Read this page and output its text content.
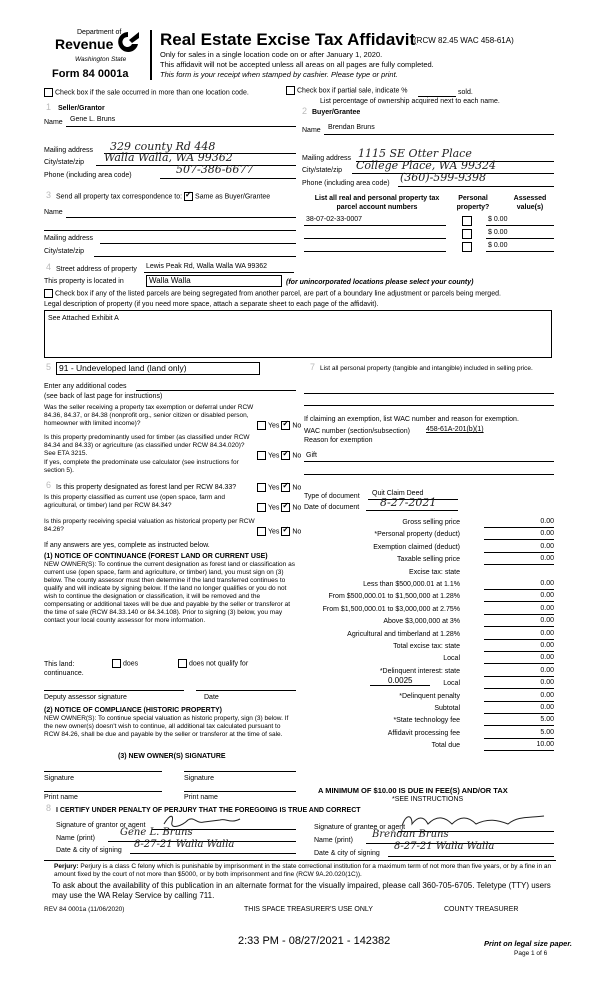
Department of
Revenue
Washington State
Form 84 0001a
Real Estate Excise Tax Affidavit
(RCW 82.45 WAC 458-61A)
Only for sales in a single location code on or after January 1, 2020.
This affidavit will not be accepted unless all areas on all pages are fully completed.
This form is your receipt when stamped by cashier. Please type or print.
Check box if the sale occurred in more than one location code.	Check box if partial sale, indicate %	sold.
List percentage of ownership acquired next to each name.
1 Seller/Grantor
Name Gene L. Bruns
Mailing address 329 county Rd 448
City/state/zip Walla Walla, WA 99362
Phone (including area code)	507-386-6677
2 Buyer/Grantee
Name Brendan Bruns
Mailing address 1115 SE Otter Place
City/state/zip College Place, WA 99324
Phone (including area code) (360)-599-9398
3 Send all property tax correspondence to: ✓ Same as Buyer/Grantee
Name
Mailing address
City/state/zip
List all real and personal property tax parcel account numbers
Personal property?
Assessed value(s)
38-07-02-33-0007	$ 0.00
$ 0.00
$ 0.00
4 Street address of property Lewis Peak Rd, Walla Walla WA 99362
This property is located in	Walla Walla	(for unincorporated locations please select your county)
Check box if any of the listed parcels are being segregated from another parcel, are part of a boundary line adjustment or parcels being merged.
Legal description of property (if you need more space, attach a separate sheet to each page of the affidavit).
See Attached Exhibit A
5 91 - Undeveloped land (land only)
Enter any additional codes
(see back of last page for instructions)
Was the seller receiving a property tax exemption or deferral under RCW 84.36, 84.37, or 84.38 (nonprofit org., senior citizen or disabled person, homeowner with limited income)?	Yes ✓ No
Is this property predominantly used for timber (as classified under RCW 84.34 and 84.33) or agriculture (as classified under RCW 84.34.020)? See ETA 3215.	Yes ✓ No
If yes, complete the predominate use calculator (see instructions for section 5).
6 Is this property designated as forest land per RCW 84.33?	Yes ✓ No
Is this property classified as current use (open space, farm and agricultural, or timber) land per RCW 84.34?	Yes ✓ No
Is this property receiving special valuation as historical property per RCW 84.26?	Yes ✓ No
If any answers are yes, complete as instructed below.
(1) NOTICE OF CONTINUANCE (FOREST LAND OR CURRENT USE)
NEW OWNER(S): To continue the current designation as forest land or classification as current use (open space, farm and agriculture, or timber) land, you must sign on (3) below. The county assessor must then determine if the land transferred continues to qualify and will indicate by signing below. If the land no longer qualifies or you do not wish to continue the designation or classification, it will be removed and the compensating or additional taxes will be due and payable by the seller or transferor at the time of sale (RCW 84.33.140 or 84.34.108). Prior to signing (3) below, you may contact your local county assessor for more information.
This land:	does	does not qualify for
continuance.
Deputy assessor signature	Date
(2) NOTICE OF COMPLIANCE (HISTORIC PROPERTY)
NEW OWNER(S): To continue special valuation as historic property, sign (3) below. If the new owner(s) doesn't wish to continue, all additional tax calculated pursuant to RCW 84.26, shall be due and payable by the seller or transferor at the time of sale.
(3) NEW OWNER(S) SIGNATURE
Signature	Signature
Print name	Print name
7 List all personal property (tangible and intangible) included in selling price.
If claiming an exemption, list WAC number and reason for exemption.
WAC number (section/subsection) 458-61A-201(b)(1)
Reason for exemption
Gift
Type of document Quit Claim Deed
Date of document 8-27-2021
Gross selling price	0.00
*Personal property (deduct)	0.00
Exemption claimed (deduct)	0.00
Taxable selling price	0.00
Excise tax: state
Less than $500,000.01 at 1.1%	0.00
From $500,000.01 to $1,500,000 at 1.28%	0.00
From $1,500,000.01 to $3,000,000 at 2.75%	0.00
Above $3,000,000 at 3%	0.00
Agricultural and timberland at 1.28%	0.00
Total excise tax: state	0.00
Local	0.00
*Delinquent interest: state	0.00
Local	0.00
*Delinquent penalty	0.00
Subtotal	0.00
*State technology fee	5.00
Affidavit processing fee	5.00
Total due	10.00
0.0025
A MINIMUM OF $10.00 IS DUE IN FEE(S) AND/OR TAX
*SEE INSTRUCTIONS
8 I CERTIFY UNDER PENALTY OF PERJURY THAT THE FOREGOING IS TRUE AND CORRECT
Signature of grantor or agent
Name (print)
Gene L. Bruns
Date & city of signing
8-27-21 Walla Walla
Signature of grantee or agent
Name (print)
Brendan Bruns
Date & city of signing
8-27-21 Walla Walla
Perjury: Perjury is a class C felony which is punishable by imprisonment in the state correctional institution for a maximum term of not more than five years, or by a fine in an amount fixed by the court of not more than $5000, or by both imprisonment and fine (RCW 9A.20.020(1C)).
To ask about the availability of this publication in an alternate format for the visually impaired, please call 360-705-6705. Teletype (TTY) users may use the WA Relay Service by calling 711.
REV 84 0001a (11/06/2020)	THIS SPACE TREASURER'S USE ONLY	COUNTY TREASURER
2:33 PM - 08/27/2021 - 142382	Print on legal size paper.
Page 1 of 6
